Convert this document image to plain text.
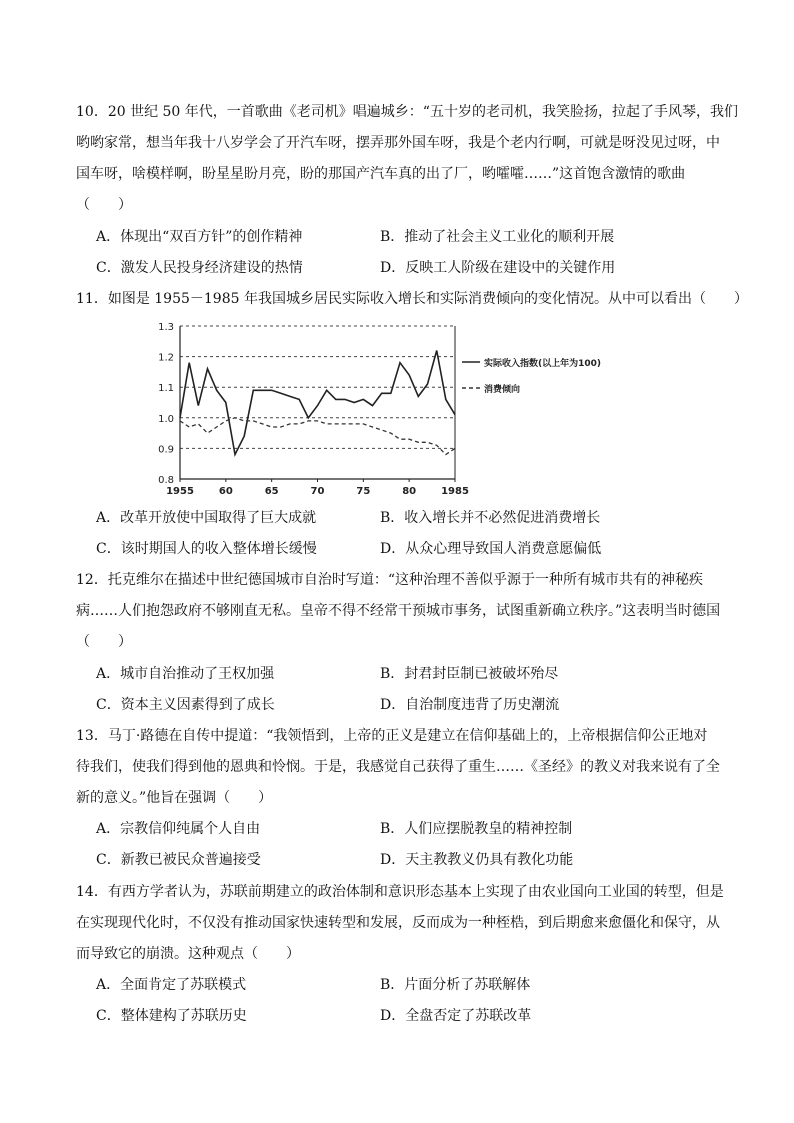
10．20 世纪 50 年代，一首歌曲《老司机》唱遍城乡：“五十岁的老司机，我笑脸扬，拉起了手风琴，我们
哟哟家常，想当年我十八岁学会了开汽车呀，摆弄那外国车呀，我是个老内行啊，可就是呀没见过呀，中
国车呀，啥模样啊，盼星星盼月亮，盼的那国产汽车真的出了厂，哟嚯嚯……”这首饱含激情的歌曲
（　　）
A．体现出“双百方针”的创作精神	B．推动了社会主义工业化的顺利开展
C．激发人民投身经济建设的热情	D．反映工人阶级在建设中的关键作用
11．如图是 1955－1985 年我国城乡居民实际收入增长和实际消费倾向的变化情况。从中可以看出（　　）
0.8
0.9
1.0
1.1
1.2
1.3
1955 60	65	70	75	80 1985
实际收入指数(以上年为100)
消费倾向
A．改革开放使中国取得了巨大成就	B．收入增长并不必然促进消费增长
C．该时期国人的收入整体增长缓慢	D．从众心理导致国人消费意愿偏低
12．托克维尔在描述中世纪德国城市自治时写道：“这种治理不善似乎源于一种所有城市共有的神秘疾
病……人们抱怨政府不够刚直无私。皇帝不得不经常干预城市事务，试图重新确立秩序。”这表明当时德国
（　　）
A．城市自治推动了王权加强	B．封君封臣制已被破坏殆尽
C．资本主义因素得到了成长	D．自治制度违背了历史潮流
13．马丁·路德在自传中提道：“我领悟到，上帝的正义是建立在信仰基础上的，上帝根据信仰公正地对
待我们，使我们得到他的恩典和怜悯。于是，我感觉自己获得了重生……《圣经》的教义对我来说有了全
新的意义。”他旨在强调（　　）
A．宗教信仰纯属个人自由	B．人们应摆脱教皇的精神控制
C．新教已被民众普遍接受	D．天主教教义仍具有教化功能
14．有西方学者认为，苏联前期建立的政治体制和意识形态基本上实现了由农业国向工业国的转型，但是
在实现现代化时，不仅没有推动国家快速转型和发展，反而成为一种桎梏，到后期愈来愈僵化和保守，从
而导致它的崩溃。这种观点（　　）
A．全面肯定了苏联模式	B．片面分析了苏联解体
C．整体建构了苏联历史	D．全盘否定了苏联改革
